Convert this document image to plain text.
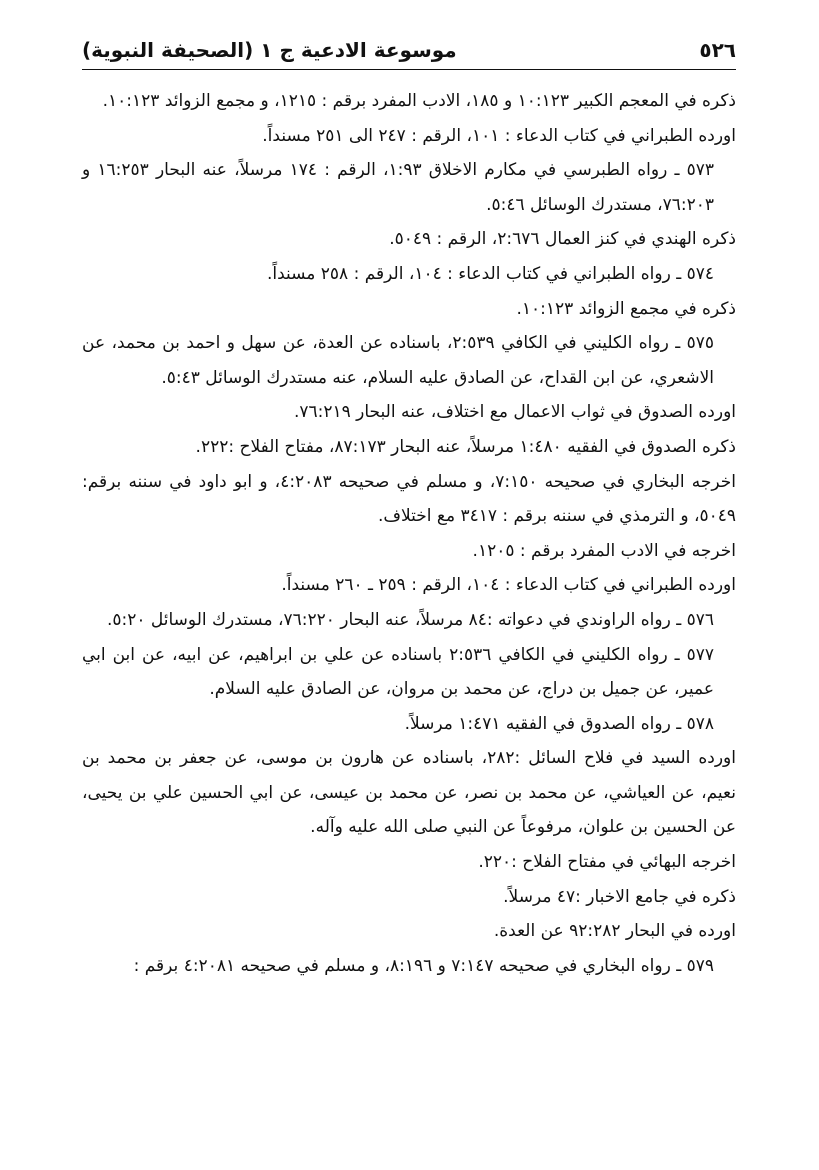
٥٢٦
موسوعة الادعية ج ١ (الصحيفة النبوية)

ذكره في المعجم الكبير ١٠:١٢٣ و ١٨٥، الادب المفرد برقم : ١٢١٥، و مجمع الزوائد ١٠:١٢٣.

اورده الطبراني في كتاب الدعاء : ١٠١، الرقم : ٢٤٧ الى ٢٥١ مسنداً.

٥٧٣ ـ رواه الطبرسي في مكارم الاخلاق ١:٩٣، الرقم : ١٧٤ مرسلاً، عنه البحار ١٦:٢٥٣ و ٧٦:٢٠٣، مستدرك الوسائل ٥:٤٦.

ذكره الهندي في كنز العمال ٢:٦٧٦، الرقم : ٥٠٤٩.

٥٧٤ ـ رواه الطبراني في كتاب الدعاء : ١٠٤، الرقم : ٢٥٨ مسنداً.

ذكره في مجمع الزوائد ١٠:١٢٣.

٥٧٥ ـ رواه الكليني في الكافي ٢:٥٣٩، باسناده عن العدة، عن سهل و احمد بن محمد، عن الاشعري، عن ابن القداح، عن الصادق عليه السلام، عنه مستدرك الوسائل ٥:٤٣.

اورده الصدوق في ثواب الاعمال مع اختلاف، عنه البحار ٧٦:٢١٩.

ذكره الصدوق في الفقيه ١:٤٨٠ مرسلاً، عنه البحار ٨٧:١٧٣، مفتاح الفلاح :٢٢٢.

اخرجه البخاري في صحيحه ٧:١٥٠، و مسلم في صحيحه ٤:٢٠٨٣، و ابو داود في سننه برقم: ٥٠٤٩، و الترمذي في سننه برقم : ٣٤١٧ مع اختلاف.

اخرجه في الادب المفرد برقم : ١٢٠٥.

اورده الطبراني في كتاب الدعاء : ١٠٤، الرقم : ٢٥٩ ـ ٢٦٠ مسنداً.

٥٧٦ ـ رواه الراوندي في دعواته :٨٤ مرسلاً، عنه البحار ٧٦:٢٢٠، مستدرك الوسائل ٥:٢٠.

٥٧٧ ـ رواه الكليني في الكافي ٢:٥٣٦ باسناده عن علي بن ابراهيم، عن ابيه، عن ابن ابي عمير، عن جميل بن دراج، عن محمد بن مروان، عن الصادق عليه السلام.

٥٧٨ ـ رواه الصدوق في الفقيه ١:٤٧١ مرسلاً.

اورده السيد في فلاح السائل :٢٨٢، باسناده عن هارون بن موسى، عن جعفر بن محمد بن نعيم، عن العياشي، عن محمد بن نصر، عن محمد بن عيسى، عن ابي الحسين علي بن يحيى، عن الحسين بن علوان، مرفوعاً عن النبي صلى الله عليه وآله.

اخرجه البهائي في مفتاح الفلاح :٢٢٠.

ذكره في جامع الاخبار :٤٧ مرسلاً.

اورده في البحار ٩٢:٢٨٢ عن العدة.

٥٧٩ ـ رواه البخاري في صحيحه ٧:١٤٧ و ٨:١٩٦، و مسلم في صحيحه ٤:٢٠٨١ برقم :
